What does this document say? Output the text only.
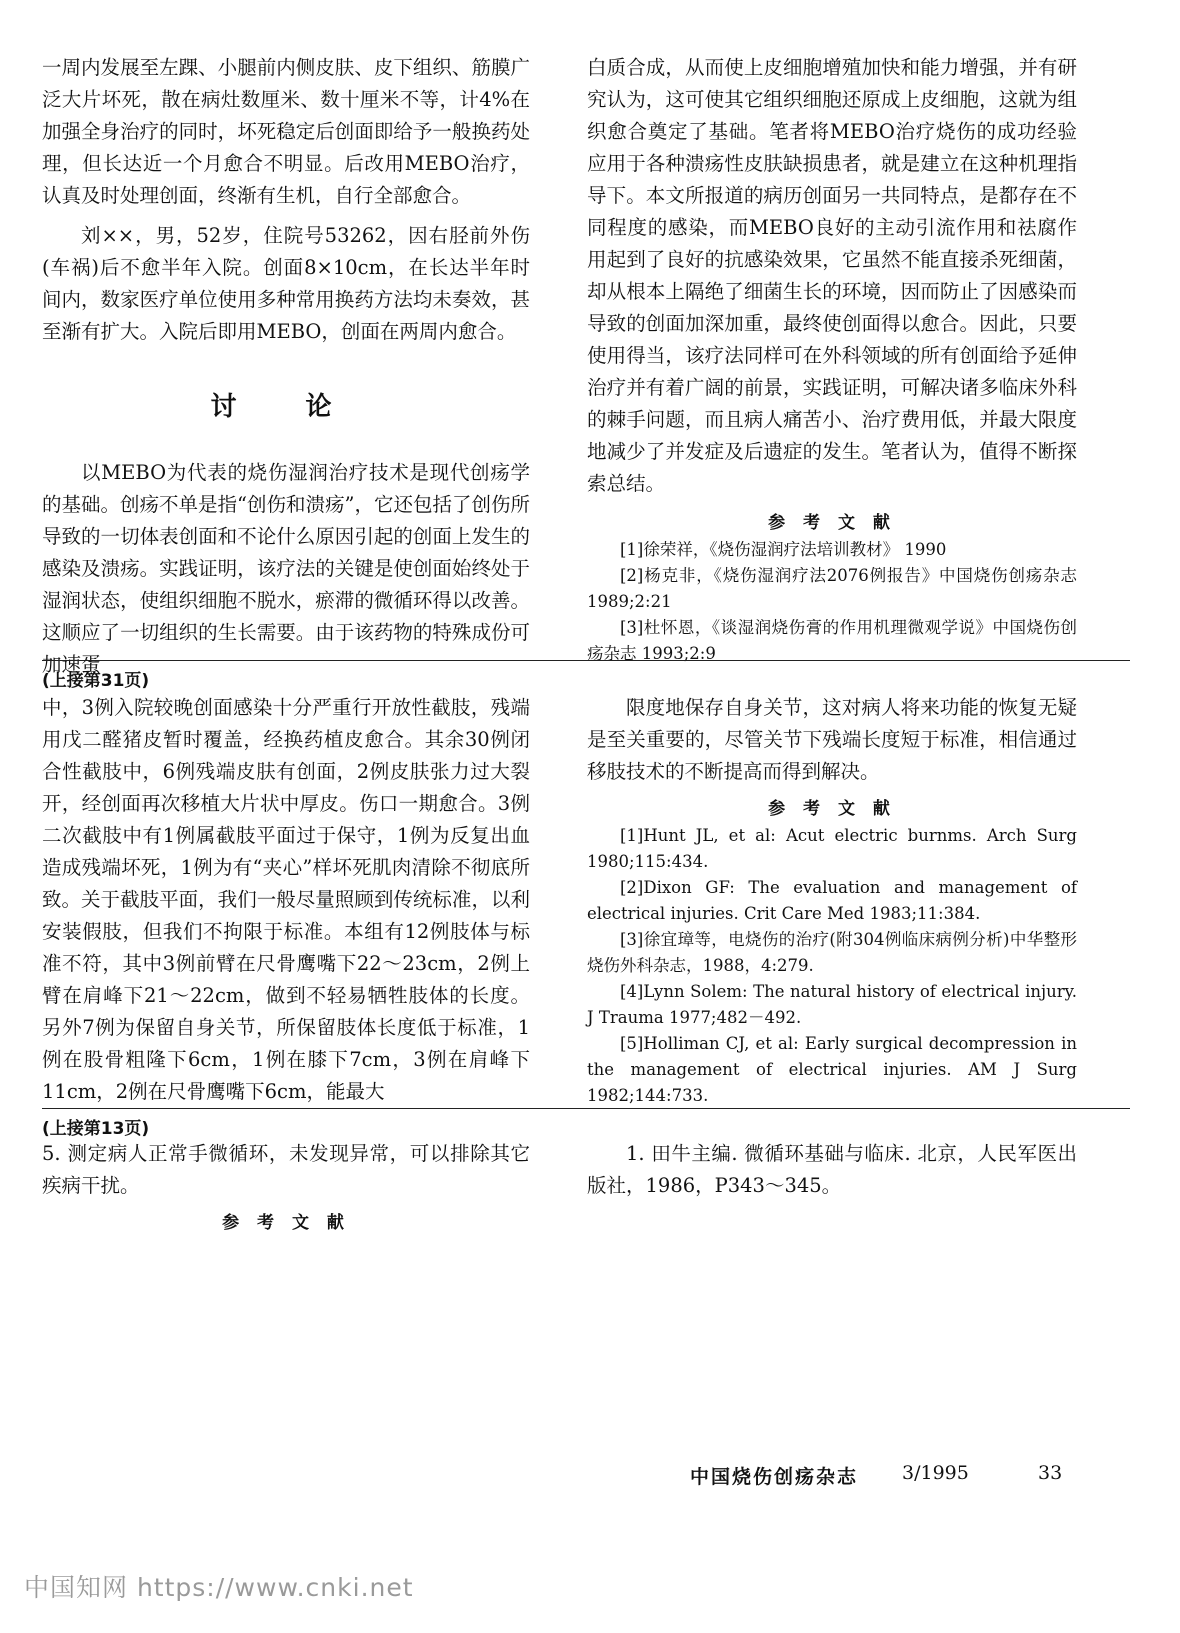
一周内发展至左踝、小腿前内侧皮肤、皮下组织、筋膜广泛大片坏死，散在病灶数厘米、数十厘米不等，计4%在加强全身治疗的同时，坏死稳定后创面即给予一般换药处理，但长达近一个月愈合不明显。后改用MEBO治疗，认真及时处理创面，终渐有生机，自行全部愈合。

刘××，男，52岁，住院号53262，因右胫前外伤(车祸)后不愈半年入院。创面8×10cm，在长达半年时间内，数家医疗单位使用多种常用换药方法均未奏效，甚至渐有扩大。入院后即用MEBO，创面在两周内愈合。

讨 论

以MEBO为代表的烧伤湿润治疗技术是现代创疡学的基础。创疡不单是指“创伤和溃疡”，它还包括了创伤所导致的一切体表创面和不论什么原因引起的创面上发生的感染及溃疡。实践证明，该疗法的关键是使创面始终处于湿润状态，使组织细胞不脱水，瘀滞的微循环得以改善。这顺应了一切组织的生长需要。由于该药物的特殊成份可加速蛋

白质合成，从而使上皮细胞增殖加快和能力增强，并有研究认为，这可使其它组织细胞还原成上皮细胞，这就为组织愈合奠定了基础。笔者将MEBO治疗烧伤的成功经验应用于各种溃疡性皮肤缺损患者，就是建立在这种机理指导下。本文所报道的病历创面另一共同特点，是都存在不同程度的感染，而MEBO良好的主动引流作用和祛腐作用起到了良好的抗感染效果，它虽然不能直接杀死细菌，却从根本上隔绝了细菌生长的环境，因而防止了因感染而导致的创面加深加重，最终使创面得以愈合。因此，只要使用得当，该疗法同样可在外科领域的所有创面给予延伸治疗并有着广阔的前景，实践证明，可解决诸多临床外科的棘手问题，而且病人痛苦小、治疗费用低，并最大限度地减少了并发症及后遗症的发生。笔者认为，值得不断探索总结。

参 考 文 献

[1]徐荣祥，《烧伤湿润疗法培训教材》 1990

[2]杨克非，《烧伤湿润疗法2076例报告》中国烧伤创疡杂志 1989;2:21

[3]杜怀恩，《谈湿润烧伤膏的作用机理微观学说》中国烧伤创疡杂志 1993;2:9

(上接第31页)

中，3例入院较晚创面感染十分严重行开放性截肢，残端用戊二醛猪皮暂时覆盖，经换药植皮愈合。其余30例闭合性截肢中，6例残端皮肤有创面，2例皮肤张力过大裂开，经创面再次移植大片状中厚皮。伤口一期愈合。3例二次截肢中有1例属截肢平面过于保守，1例为反复出血造成残端坏死，1例为有“夹心”样坏死肌肉清除不彻底所致。关于截肢平面，我们一般尽量照顾到传统标准，以利安装假肢，但我们不拘限于标准。本组有12例肢体与标准不符，其中3例前臂在尺骨鹰嘴下22～23cm，2例上臂在肩峰下21～22cm，做到不轻易牺牲肢体的长度。另外7例为保留自身关节，所保留肢体长度低于标准，1例在股骨粗隆下6cm，1例在膝下7cm，3例在肩峰下11cm，2例在尺骨鹰嘴下6cm，能最大

限度地保存自身关节，这对病人将来功能的恢复无疑是至关重要的，尽管关节下残端长度短于标准，相信通过移肢技术的不断提高而得到解决。

参 考 文 献

[1]Hunt JL, et al: Acut electric burnms. Arch Surg 1980;115:434.

[2]Dixon GF: The evaluation and management of electrical injuries. Crit Care Med 1983;11:384.

[3]徐宜璋等，电烧伤的治疗(附304例临床病例分析)中华整形烧伤外科杂志，1988，4:279.

[4]Lynn Solem: The natural history of electrical injury. J Trauma 1977;482－492.

[5]Holliman CJ, et al: Early surgical decompression in the management of electrical injuries. AM J Surg 1982;144:733.

(上接第13页)

5. 测定病人正常手微循环，未发现异常，可以排除其它疾病干扰。

参 考 文 献

1. 田牛主编. 微循环基础与临床. 北京，人民军医出版社，1986，P343～345。

中国烧伤创疡杂志 3/1995	33
中国知网 https://www.cnki.net
